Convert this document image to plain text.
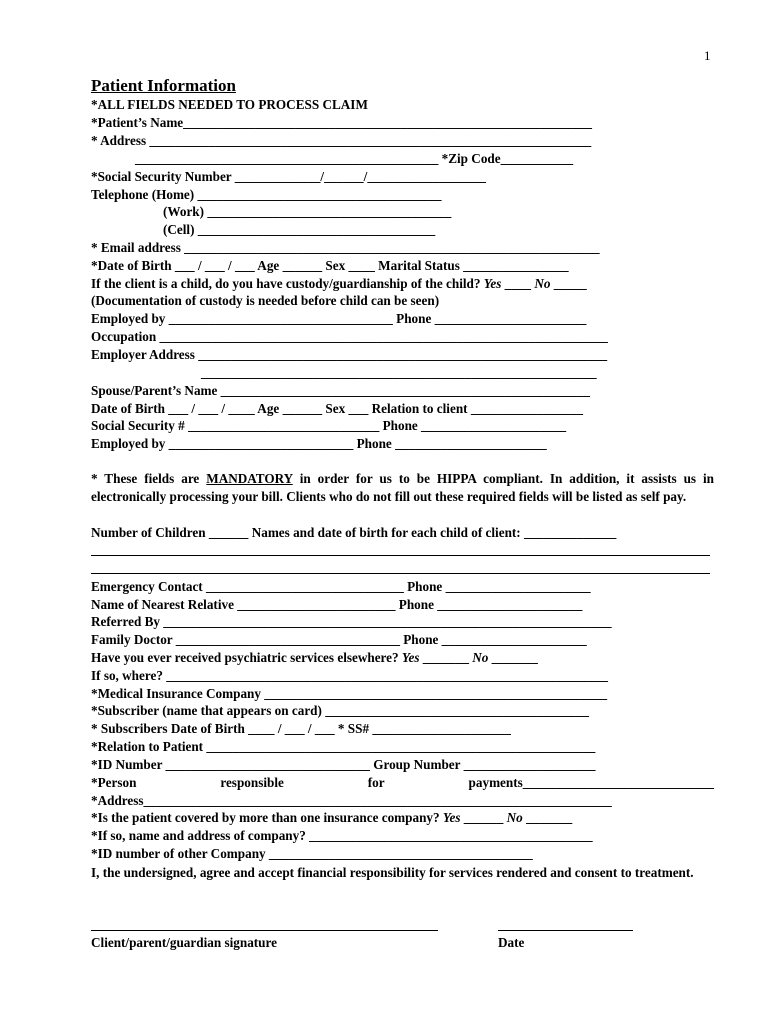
1
Patient Information
*ALL FIELDS NEEDED TO PROCESS CLAIM
*Patient’s Name______________________________________________________________
* Address ___________________________________________________________________
______________________________________________ *Zip Code___________
*Social Security Number _____________/______/__________________
Telephone (Home) _____________________________________
(Work) _____________________________________
(Cell) ____________________________________
* Email address _______________________________________________________________
*Date of Birth ___ / ___ / ___ Age ______ Sex ____ Marital Status ________________
If the client is a child, do you have custody/guardianship of the child? Yes ____ No _____
(Documentation of custody is needed before child can be seen)
Employed by __________________________________ Phone _______________________
Occupation ____________________________________________________________________
Employer Address ______________________________________________________________
____________________________________________________________
Spouse/Parent’s Name ________________________________________________________
Date of Birth ___ / ___ / ____ Age ______ Sex ___ Relation to client _________________
Social Security # _____________________________ Phone ______________________
Employed by ____________________________ Phone _______________________
* These fields are MANDATORY in order for us to be HIPPA compliant. In addition, it assists us in electronically processing your bill. Clients who do not fill out these required fields will be listed as self pay.
Number of Children ______ Names and date of birth for each child of client: ______________
Emergency Contact ______________________________ Phone ______________________
Name of Nearest Relative ________________________ Phone ______________________
Referred By ____________________________________________________________________
Family Doctor __________________________________ Phone ______________________
Have you ever received psychiatric services elsewhere? Yes _______ No _______
If so, where? ___________________________________________________________________
*Medical Insurance Company ____________________________________________________
*Subscriber (name that appears on card) ________________________________________
* Subscribers Date of Birth ____ / ___ / ___ * SS# _____________________
*Relation to Patient ___________________________________________________________
*ID Number _______________________________ Group Number ____________________
*Person	responsible	for	payments_____________________________
*Address_______________________________________________________________________
*Is the patient covered by more than one insurance company? Yes ______ No _______
*If so, name and address of company? ___________________________________________
*ID number of other Company ________________________________________
I, the undersigned, agree and accept financial responsibility for services rendered and consent to treatment.
Client/parent/guardian signature	Date
